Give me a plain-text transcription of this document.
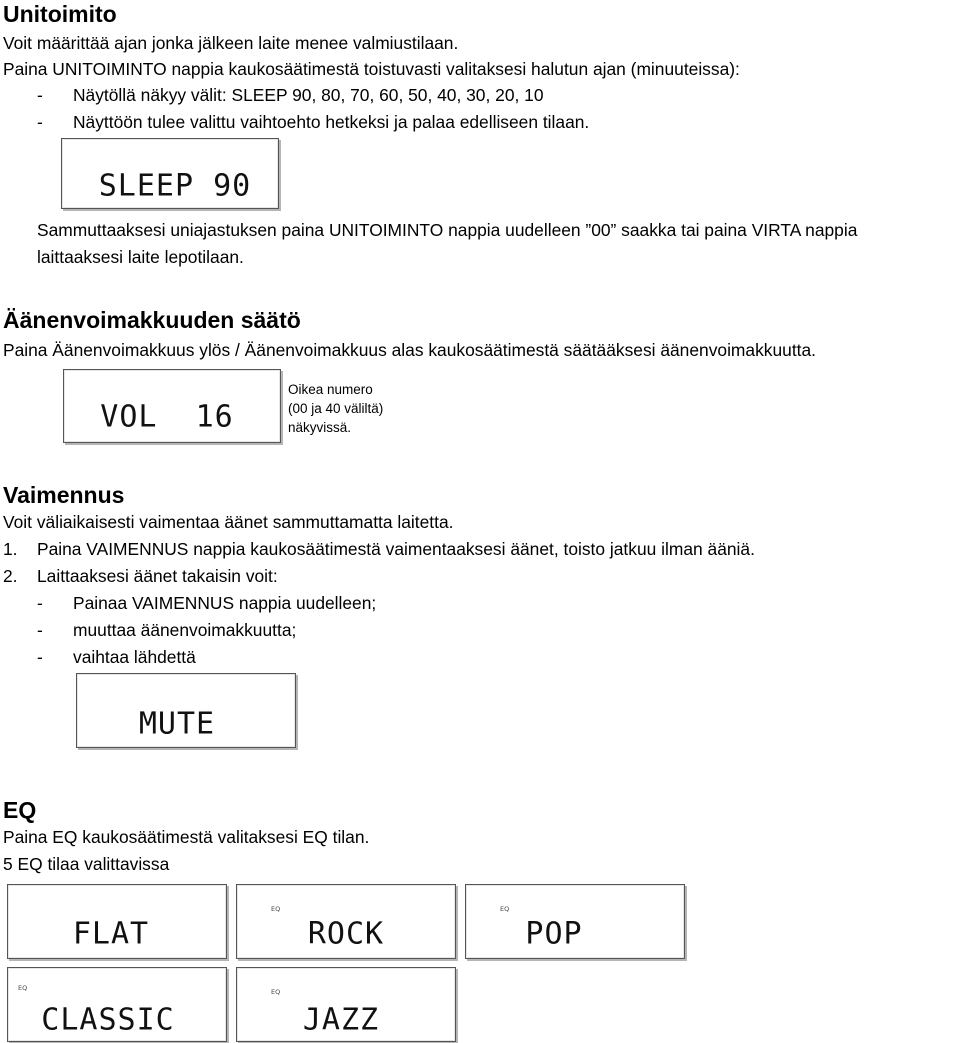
Unitoimito
Voit määrittää ajan jonka jälkeen laite menee valmiustilaan.
Paina UNITOIMINTO nappia kaukosäätimestä toistuvasti valitaksesi halutun ajan (minuuteissa):
- Näytöllä näkyy välit: SLEEP 90, 80, 70, 60, 50, 40, 30, 20, 10
- Näyttöön tulee valittu vaihtoehto hetkeksi ja palaa edelliseen tilaan.
SLEEP 90
Sammuttaaksesi uniajastuksen paina UNITOIMINTO nappia uudelleen ”00” saakka tai paina VIRTA nappia
laittaaksesi laite lepotilaan.
Äänenvoimakkuuden säätö
Paina Äänenvoimakkuus ylös / Äänenvoimakkuus alas kaukosäätimestä säätääksesi äänenvoimakkuutta.
VOL  16
Oikea numero
(00 ja 40 väliltä)
näkyvissä.
Vaimennus
Voit väliaikaisesti vaimentaa äänet sammuttamatta laitetta.
1. Paina VAIMENNUS nappia kaukosäätimestä vaimentaaksesi äänet, toisto jatkuu ilman ääniä.
2. Laittaaksesi äänet takaisin voit:
- Painaa VAIMENNUS nappia uudelleen;
- muuttaa äänenvoimakkuutta;
- vaihtaa lähdettä
MUTE
EQ
Paina EQ kaukosäätimestä valitaksesi EQ tilan.
5 EQ tilaa valittavissa
FLAT
EQ
ROCK
EQ
POP
EQ
CLASSIC
EQ
JAZZ
